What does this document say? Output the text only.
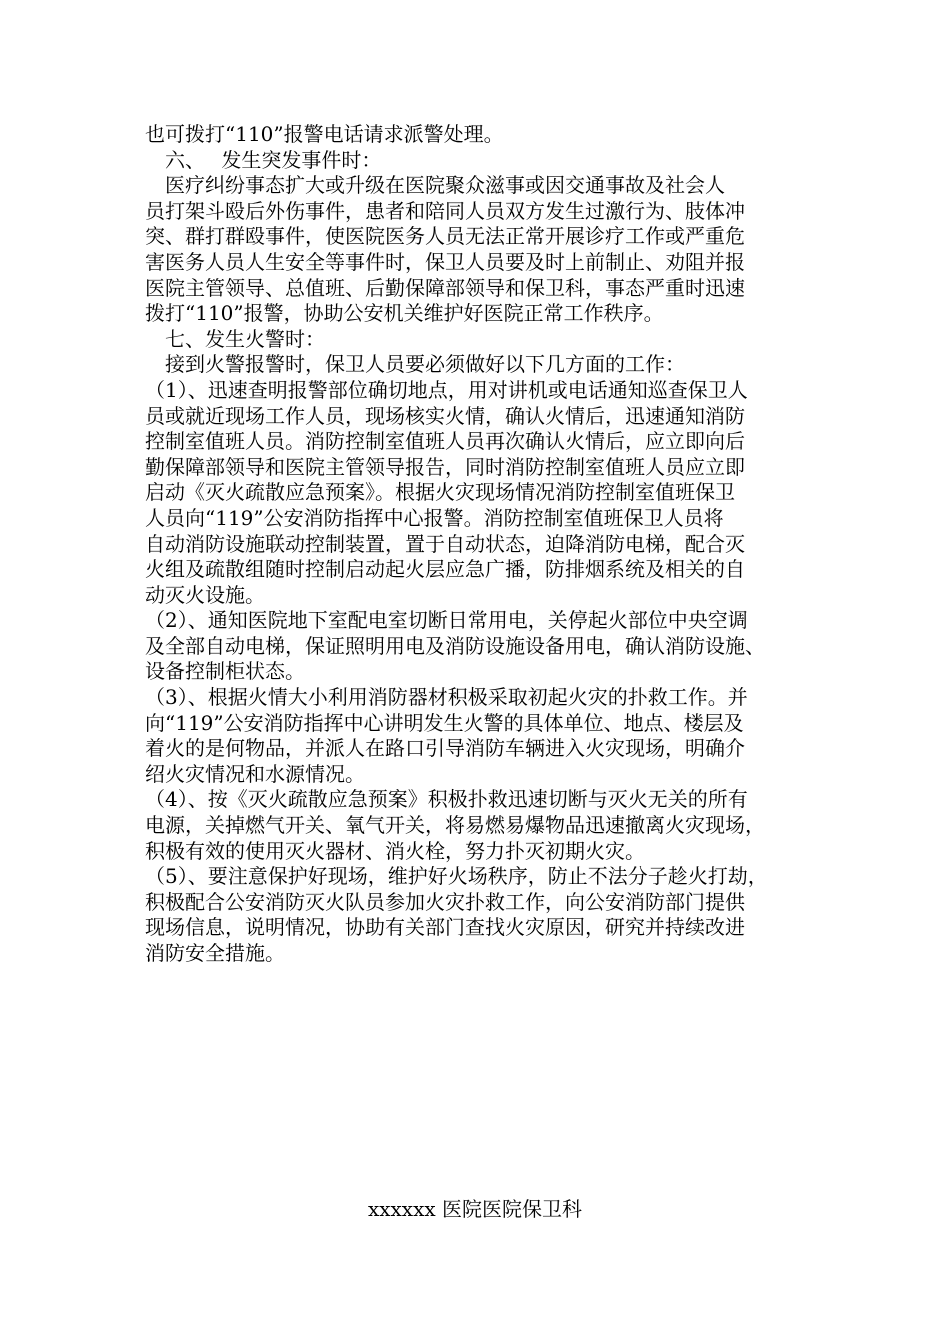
也可拨打“110”报警电话请求派警处理。
　六、　 发生突发事件时：
　医疗纠纷事态扩大或升级在医院聚众滋事或因交通事故及社会人
员打架斗殴后外伤事件，患者和陪同人员双方发生过激行为、肢体冲
突、群打群殴事件，使医院医务人员无法正常开展诊疗工作或严重危
害医务人员人生安全等事件时，保卫人员要及时上前制止、劝阻并报
医院主管领导、总值班、后勤保障部领导和保卫科，事态严重时迅速
拨打“110”报警，协助公安机关维护好医院正常工作秩序。
　七、发生火警时：
　接到火警报警时，保卫人员要必须做好以下几方面的工作：
（1）、迅速查明报警部位确切地点，用对讲机或电话通知巡查保卫人
员或就近现场工作人员，现场核实火情，确认火情后，迅速通知消防
控制室值班人员。消防控制室值班人员再次确认火情后，应立即向后
勤保障部领导和医院主管领导报告，同时消防控制室值班人员应立即
启动《灭火疏散应急预案》。根据火灾现场情况消防控制室值班保卫
人员向“119”公安消防指挥中心报警。消防控制室值班保卫人员将
自动消防设施联动控制装置，置于自动状态，迫降消防电梯，配合灭
火组及疏散组随时控制启动起火层应急广播，防排烟系统及相关的自
动灭火设施。
（2）、通知医院地下室配电室切断日常用电，关停起火部位中央空调
及全部自动电梯，保证照明用电及消防设施设备用电，确认消防设施、
设备控制柜状态。
（3）、根据火情大小利用消防器材积极采取初起火灾的扑救工作。并
向“119”公安消防指挥中心讲明发生火警的具体单位、地点、楼层及
着火的是何物品，并派人在路口引导消防车辆进入火灾现场，明确介
绍火灾情况和水源情况。
（4）、按《灭火疏散应急预案》积极扑救迅速切断与灭火无关的所有
电源，关掉燃气开关、氧气开关，将易燃易爆物品迅速撤离火灾现场，
积极有效的使用灭火器材、消火栓，努力扑灭初期火灾。
（5）、要注意保护好现场，维护好火场秩序，防止不法分子趁火打劫，
积极配合公安消防灭火队员参加火灾扑救工作，向公安消防部门提供
现场信息，说明情况，协助有关部门查找火灾原因，研究并持续改进
消防安全措施。
xxxxxx 医院医院保卫科
